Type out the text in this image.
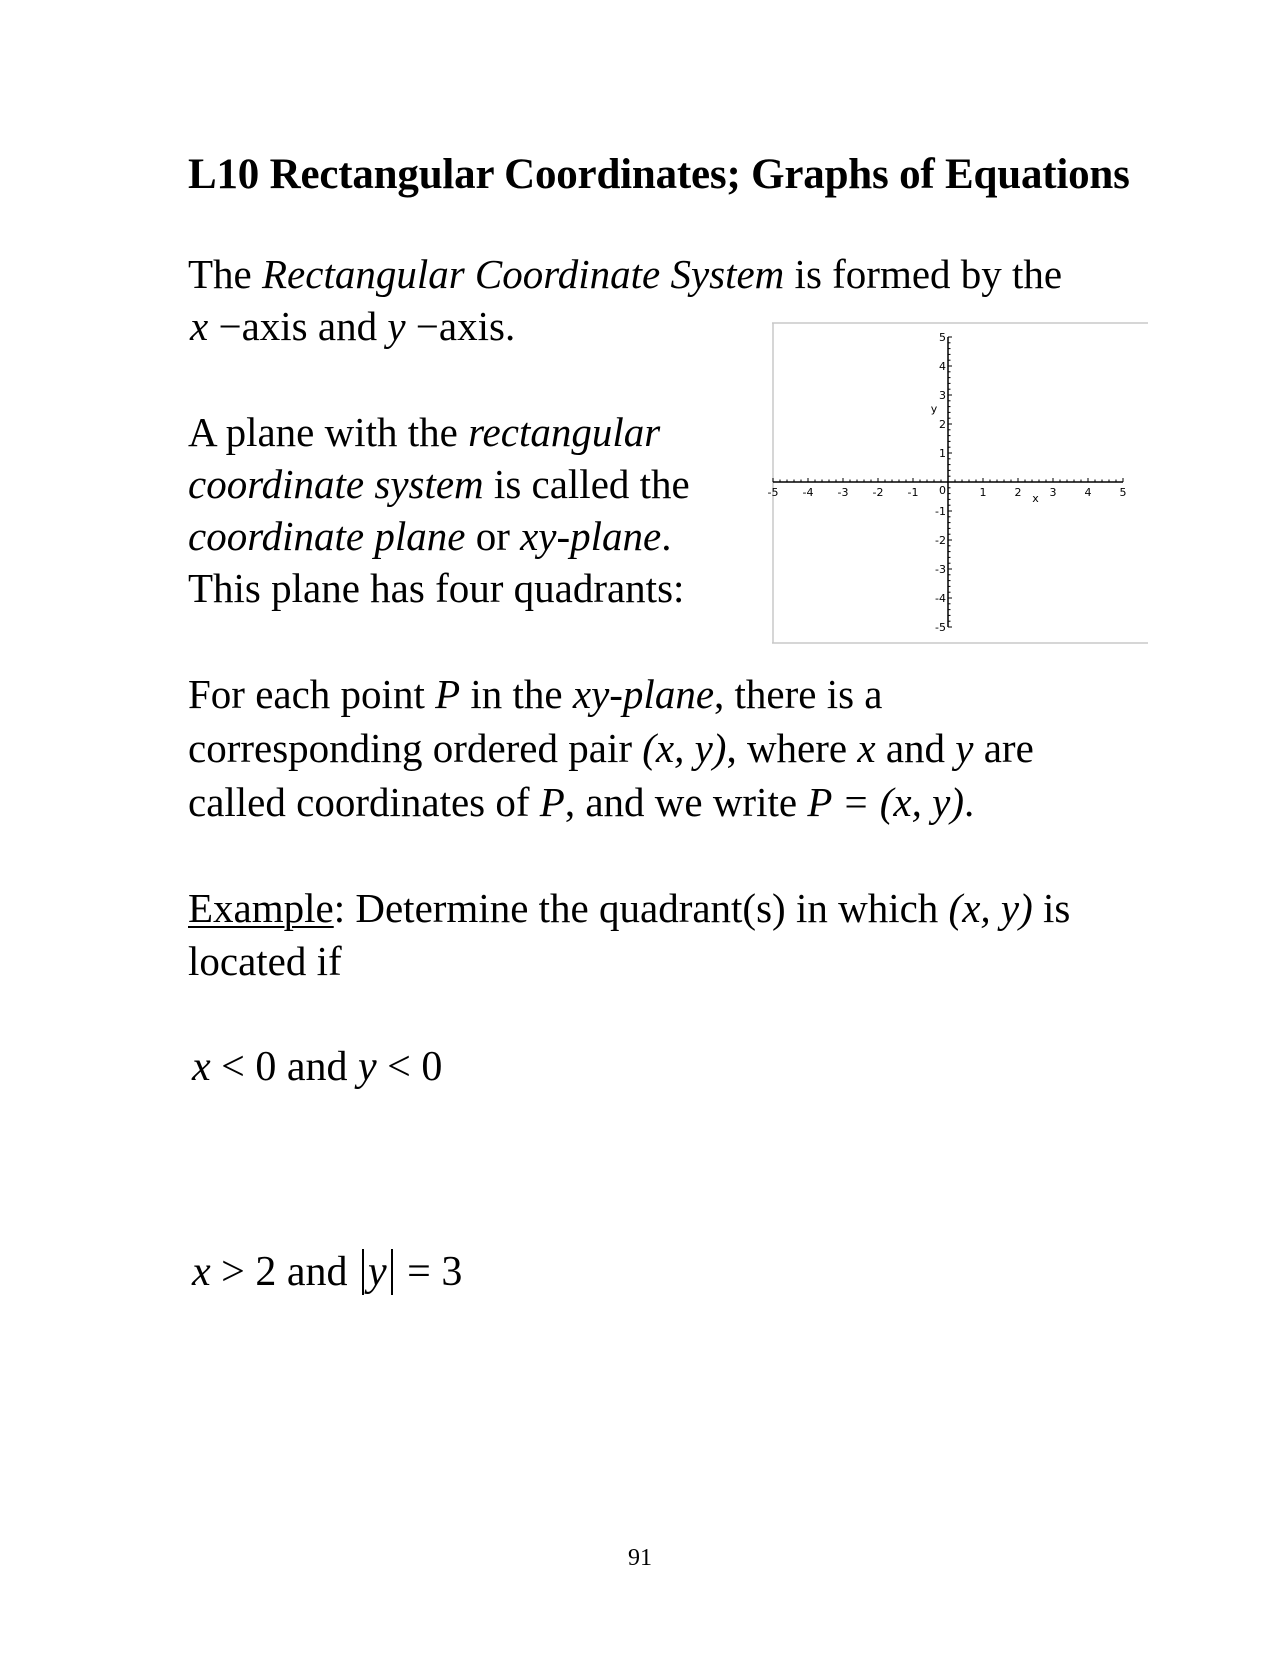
L10 Rectangular Coordinates; Graphs of Equations
The Rectangular Coordinate System is formed by the
x −axis and y −axis.
A plane with the rectangular
coordinate system is called the
coordinate plane or xy-plane.
This plane has four quadrants:
-5 -4 -3 -2 -1	1	2	3	4	5
-5
-4
-3
-2
-1
1
2
3
4
5
x
y
0
For each point P in the xy-plane, there is a
corresponding ordered pair (x, y), where x and y are
called coordinates of P, and we write P = (x, y).
Example: Determine the quadrant(s) in which (x, y) is
located if
x < 0 and y < 0
x > 2 and y = 3
91
